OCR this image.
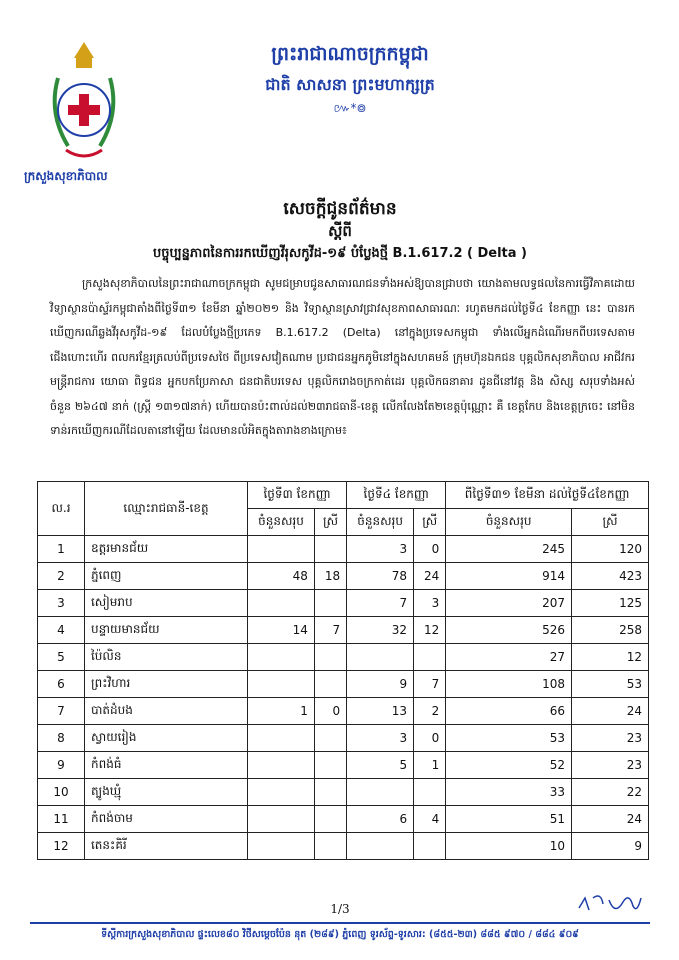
ព្រះរាជាណាចក្រកម្ពុជា
ជាតិ សាសនា ព្រះមហាក្សត្រ
៚*៙
ក្រសួងសុខាភិបាល
សេចក្ដីជូនព័ត៌មាន
ស្ដីពី
បច្ចុប្បន្នភាពនៃការរកឃើញវីរុសកូវីដ-១៩ បំប្លែងថ្មី B.1.617.2 ( Delta )
ក្រសួងសុខាភិបាលនៃព្រះរាជាណាចក្រកម្ពុជា សូមជម្រាបជូនសាធារណជនទាំងអស់ឱ្យបានជ្រាបថា យោងតាមលទ្ធផលនៃការធ្វើវិភាគដោយវិទ្យាស្ថានប៉ាស្ទ័រកម្ពុជាតាំងពីថ្ងៃទី៣១ ខែមីនា ឆ្នាំ២០២១ និង វិទ្យាស្ថានស្រាវជ្រាវសុខភាពសាធារណៈ រហូតមកដល់ថ្ងៃទី៤ ខែកញ្ញា នេះ បានរកឃើញករណីឆ្លងវីរុសកូវីដ-១៩ ដែលបំប្លែងថ្មីប្រភេទ B.1.617.2 (Delta) នៅក្នុងប្រទេសកម្ពុជា ទាំងលើអ្នកដំណើរមកពីបរទេសតាមជើងហោះហើរ ពលករខ្មែរត្រលប់ពីប្រទេសថៃ ពីប្រទេសវៀតណាម ប្រជាជនអ្នកភូមិនៅក្នុងសហគមន៍ ក្រុមហ៊ុនឯកជន បុគ្គលិកសុខាភិបាល អាជីវករ មន្ត្រីរាជការ យោធា ពិទ្ធជន អ្នកបកប្រែភាសា ជនជាតិបរទេស បុគ្គលិករោងចក្រកាត់ដេរ បុគ្គលិកធនាគារ ដូនជីនៅវត្ត និង សិស្ស សរុបទាំងអស់ចំនួន ២៦៤៧ នាក់ (ស្ត្រី ១៣១៧នាក់) ហើយបានប៉ះពាល់ដល់២៣រាជធានី-ខេត្ត លើកលែងតែ២ខេត្តប៉ុណ្ណោះ គឺ ខេត្តកែប និងខេត្តក្រចេះ នៅមិនទាន់រកឃើញករណីដែលតានៅឡើយ ដែលមានលំអិតក្នុងតារាងខាងក្រោម៖
ល.រ	ឈ្មោះរាជធានី-ខេត្ត	ថ្ងៃទី៣ ខែកញ្ញា		ថ្ងៃទី៤ ខែកញ្ញា		ពីថ្ងៃទី៣១ ខែមីនា ដល់ថ្ងៃទី៤ខែកញ្ញា	
		ចំនួនសរុប	ស្រី	ចំនួនសរុប	ស្រី	ចំនួនសរុប	ស្រី
1	ឧត្តរមានជ័យ			3	0	245	120
2	ភ្នំពេញ	48	18	78	24	914	423
3	សៀមរាប			7	3	207	125
4	បន្ទាយមានជ័យ	14	7	32	12	526	258
5	ប៉ៃលិន					27	12
6	ព្រះវិហារ			9	7	108	53
7	បាត់ដំបង	1	0	13	2	66	24
8	ស្វាយរៀង			3	0	53	23
9	កំពង់ធំ			5	1	52	23
10	ត្បូងឃ្មុំ					33	22
11	កំពង់ចាម			6	4	51	24
12	តេនះគិរី					10	9
1/3
ទីស្ដីការក្រសួងសុខាភិបាល ផ្ទះលេខ៨០ វិថីសម្ដេចប៉ែន នុត (២៨៩) ភ្នំពេញ ទូរស័ព្ទ-ទូរសារ: (៨៥៥-២៣) ៨៨៥ ៩៧០ / ៨៨៤ ៩០៩
